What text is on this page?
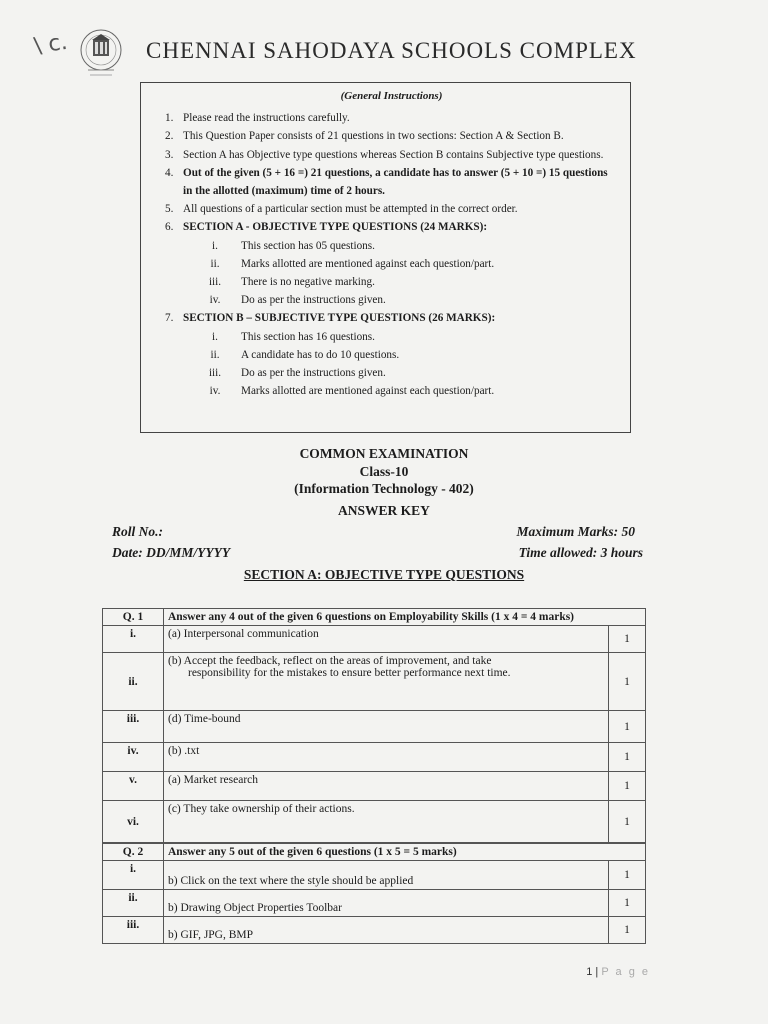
\ c.	CHENNAI SAHODAYA SCHOOLS COMPLEX
(General Instructions)
1. Please read the instructions carefully.
2. This Question Paper consists of 21 questions in two sections: Section A & Section B.
3. Section A has Objective type questions whereas Section B contains Subjective type questions.
4. Out of the given (5 + 16 =) 21 questions, a candidate has to answer (5 + 10 =) 15 questions in the allotted (maximum) time of 2 hours.
5. All questions of a particular section must be attempted in the correct order.
6. SECTION A - OBJECTIVE TYPE QUESTIONS (24 MARKS):
i.	This section has 05 questions.
ii.	Marks allotted are mentioned against each question/part.
iii.	There is no negative marking.
iv.	Do as per the instructions given.
7. SECTION B – SUBJECTIVE TYPE QUESTIONS (26 MARKS):
i.	This section has 16 questions.
ii.	A candidate has to do 10 questions.
iii.	Do as per the instructions given.
iv.	Marks allotted are mentioned against each question/part.
COMMON EXAMINATION
Class-10
(Information Technology - 402)
ANSWER KEY
Roll No.:
Date: DD/MM/YYYY
Maximum Marks: 50
Time allowed: 3 hours
SECTION A: OBJECTIVE TYPE QUESTIONS
Q. 1	Answer any 4 out of the given 6 questions on Employability Skills (1 x 4 = 4 marks)	
i.	(a) Interpersonal communication	1
ii.	(b) Accept the feedback, reflect on the areas of improvement, and take
responsibility for the mistakes to ensure better performance next time.	1
iii.	(d) Time-bound	1
iv.	(b) .txt	1
v.	(a) Market research	1
vi.	(c) They take ownership of their actions.	1
Q. 2	Answer any 5 out of the given 6 questions (1 x 5 = 5 marks)	
i.	b) Click on the text where the style should be applied	1
ii.	b) Drawing Object Properties Toolbar	1
iii.	b) GIF, JPG, BMP	1
1 | P a g e
